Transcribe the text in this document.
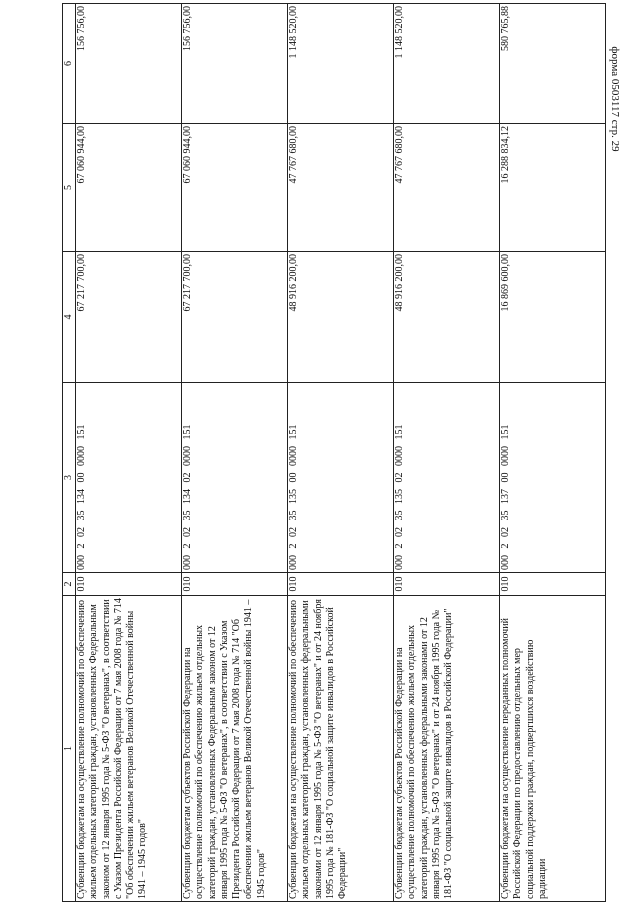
форма 0503117 стр. 29
1	2	3	4	5	6
Субвенции бюджетам на осуществление полномочий по обеспечению жильем отдельных категорий граждан, установленных Федеральным законом от 12 января 1995 года № 5-ФЗ "О ветеранах", в соответствии с Указом Президента Российской Федерации от 7 мая 2008 года № 714 "Об обеспечении жильем ветеранов Великой Отечественной войны 1941 – 1945 годов"	010	000 2 02 35 134 00 0000 151	67 217 700,00	67 060 944,00	156 756,00
Субвенции бюджетам субъектов Российской Федерации на осуществление полномочий по обеспечению жильем отдельных категорий граждан, установленных Федеральным законом от 12 января 1995 года № 5-ФЗ "О ветеранах", в соответствии с Указом Президента Российской Федерации от 7 мая 2008 года № 714 "Об обеспечении жильем ветеранов Великой Отечественной войны 1941 – 1945 годов"	010	000 2 02 35 134 02 0000 151	67 217 700,00	67 060 944,00	156 756,00
Субвенции бюджетам на осуществление полномочий по обеспечению жильем отдельных категорий граждан, установленных федеральными законами от 12 января 1995 года № 5-ФЗ "О ветеранах" и от 24 ноября 1995 года № 181-ФЗ "О социальной защите инвалидов в Российской Федерации"	010	000 2 02 35 135 00 0000 151	48 916 200,00	47 767 680,00	1 148 520,00
Субвенции бюджетам субъектов Российской Федерации на осуществление полномочий по обеспечению жильем отдельных категорий граждан, установленных федеральными законами от 12 января 1995 года № 5-ФЗ "О ветеранах" и от 24 ноября 1995 года № 181-ФЗ "О социальной защите инвалидов в Российской Федерации"	010	000 2 02 35 135 02 0000 151	48 916 200,00	47 767 680,00	1 148 520,00
Субвенции бюджетам на осуществление переданных полномочий Российской Федерации по предоставлению отдельных мер социальной поддержки граждан, подвергшихся воздействию радиации	010	000 2 02 35 137 00 0000 151	16 869 600,00	16 288 834,12	580 765,88
